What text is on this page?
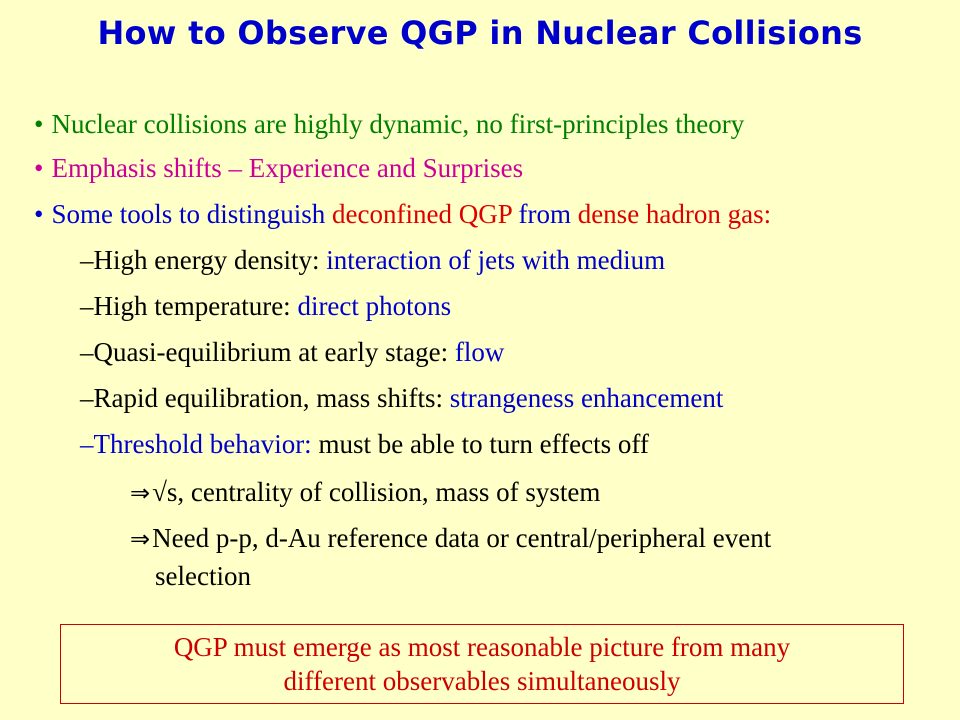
How to Observe QGP in Nuclear Collisions
• Nuclear collisions are highly dynamic, no first-principles theory
• Emphasis shifts – Experience and Surprises
• Some tools to distinguish deconfined QGP from dense hadron gas:
–High energy density: interaction of jets with medium
–High temperature: direct photons
–Quasi-equilibrium at early stage: flow
–Rapid equilibration, mass shifts: strangeness enhancement
–Threshold behavior: must be able to turn effects off
⇒√s, centrality of collision, mass of system
⇒Need p-p, d-Au reference data or central/peripheral event
selection
QGP must emerge as most reasonable picture from many
different observables simultaneously
